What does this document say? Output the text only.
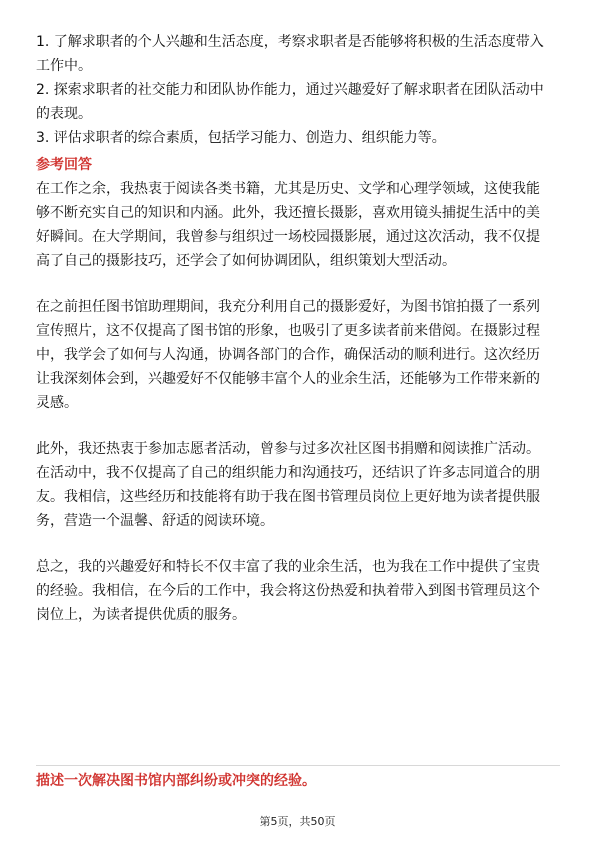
1. 了解求职者的个人兴趣和生活态度，考察求职者是否能够将积极的生活态度带入

工作中。

2. 探索求职者的社交能力和团队协作能力，通过兴趣爱好了解求职者在团队活动中

的表现。

3. 评估求职者的综合素质，包括学习能力、创造力、组织能力等。

参考回答

在工作之余，我热衷于阅读各类书籍，尤其是历史、文学和心理学领域，这使我能

够不断充实自己的知识和内涵。此外，我还擅长摄影，喜欢用镜头捕捉生活中的美

好瞬间。在大学期间，我曾参与组织过一场校园摄影展，通过这次活动，我不仅提

高了自己的摄影技巧，还学会了如何协调团队，组织策划大型活动。

在之前担任图书馆助理期间，我充分利用自己的摄影爱好，为图书馆拍摄了一系列

宣传照片，这不仅提高了图书馆的形象，也吸引了更多读者前来借阅。在摄影过程

中，我学会了如何与人沟通，协调各部门的合作，确保活动的顺利进行。这次经历

让我深刻体会到，兴趣爱好不仅能够丰富个人的业余生活，还能够为工作带来新的

灵感。

此外，我还热衷于参加志愿者活动，曾参与过多次社区图书捐赠和阅读推广活动。

在活动中，我不仅提高了自己的组织能力和沟通技巧，还结识了许多志同道合的朋

友。我相信，这些经历和技能将有助于我在图书管理员岗位上更好地为读者提供服

务，营造一个温馨、舒适的阅读环境。

总之，我的兴趣爱好和特长不仅丰富了我的业余生活，也为我在工作中提供了宝贵

的经验。我相信，在今后的工作中，我会将这份热爱和执着带入到图书管理员这个

岗位上，为读者提供优质的服务。

描述一次解决图书馆内部纠纷或冲突的经验。
第5页，共50页
